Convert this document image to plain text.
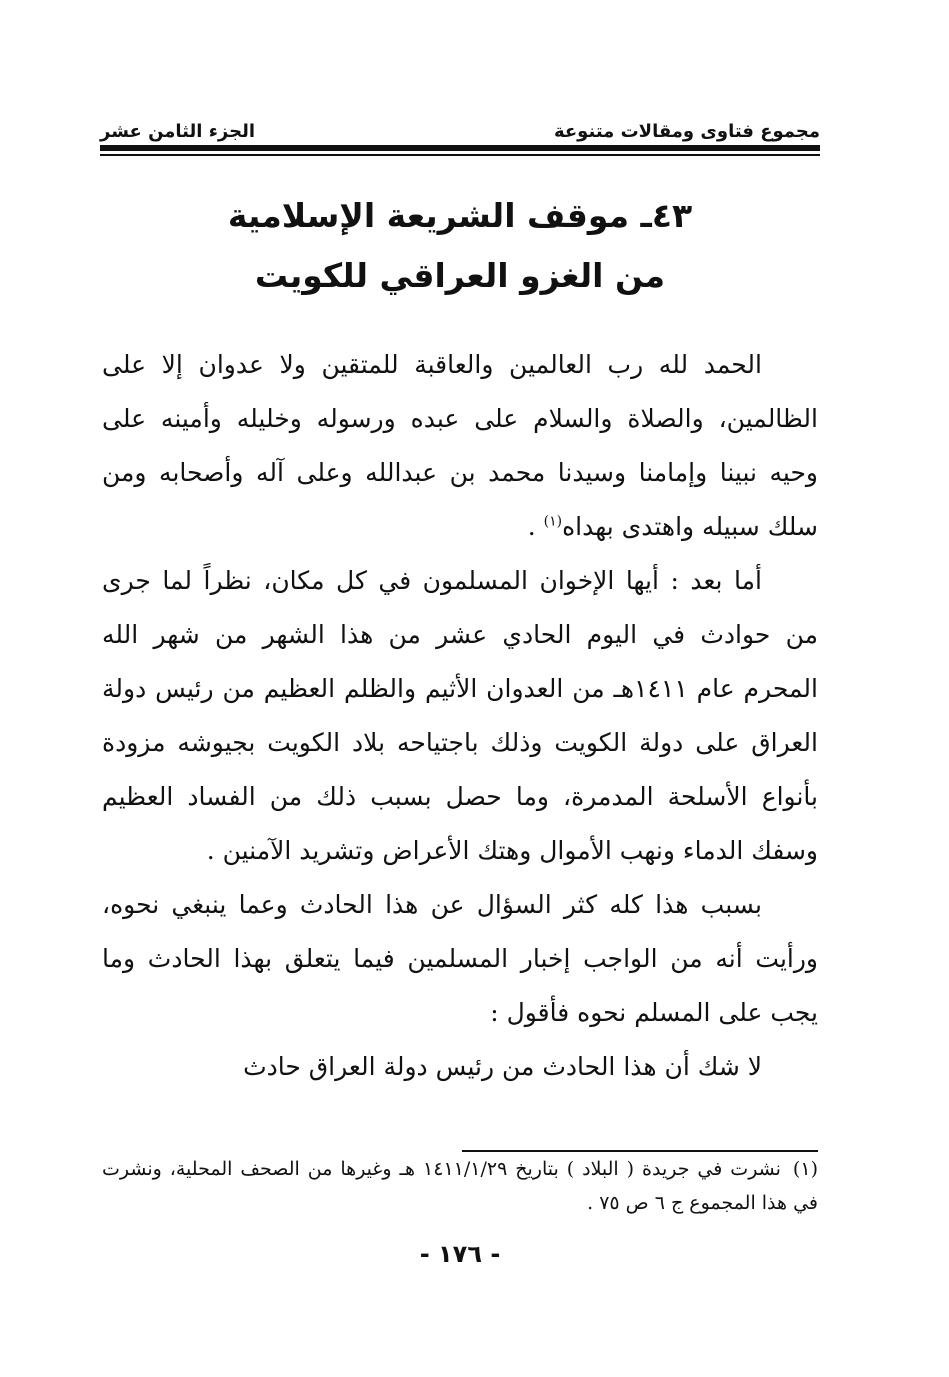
مجموع فتاوى ومقالات متنوعة
الجزء الثامن عشر
٤٣ـ موقف الشريعة الإسلامية
من الغزو العراقي للكويت

الحمد لله رب العالمين والعاقبة للمتقين ولا عدوان إلا على الظالمين، والصلاة والسلام على عبده ورسوله وخليله وأمينه على وحيه نبينا وإمامنا وسيدنا محمد بن عبدالله وعلى آله وأصحابه ومن سلك سبيله واهتدى بهداه$^{(١)}$ .

أما بعد : أيها الإخوان المسلمون في كل مكان، نظراً لما جرى من حوادث في اليوم الحادي عشر من هذا الشهر من شهر الله المحرم عام ١٤١١هـ من العدوان الأثيم والظلم العظيم من رئيس دولة العراق على دولة الكويت وذلك باجتياحه بلاد الكويت بجيوشه مزودة بأنواع الأسلحة المدمرة، وما حصل بسبب ذلك من الفساد العظيم وسفك الدماء ونهب الأموال وهتك الأعراض وتشريد الآمنين .

بسبب هذا كله كثر السؤال عن هذا الحادث وعما ينبغي نحوه، ورأيت أنه من الواجب إخبار المسلمين فيما يتعلق بهذا الحادث وما يجب على المسلم نحوه فأقول :

لا شك أن هذا الحادث من رئيس دولة العراق حادث

(١)نشرت في جريدة ( البلاد ) بتاريخ ١٤١١/١/٢٩ هـ وغيرها من الصحف المحلية، ونشرت في هذا المجموع ج ٦ ص ٧٥ .
- ١٧٦ -
